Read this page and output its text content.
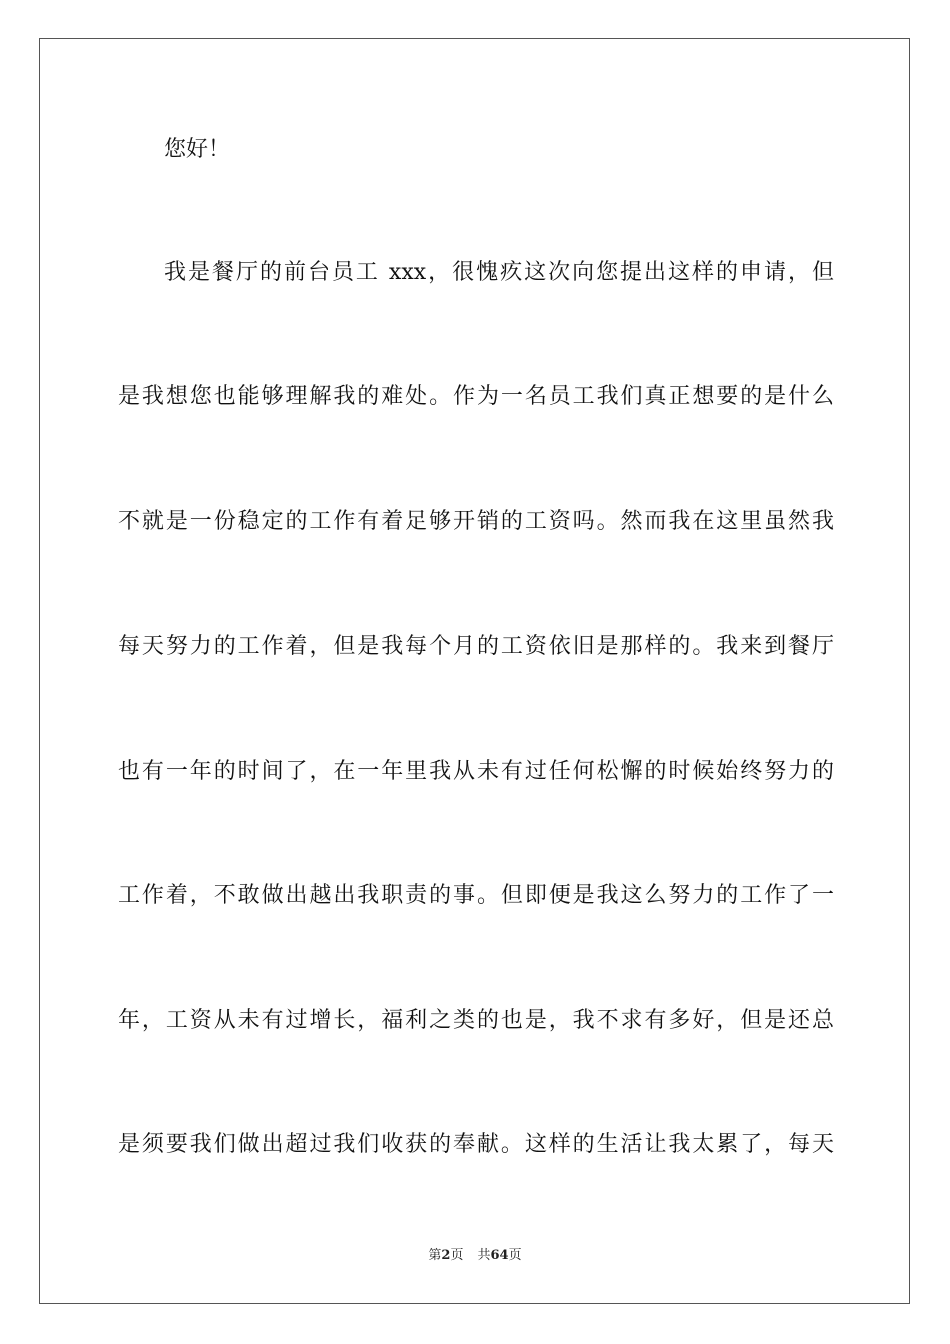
您好！
我是餐厅的前台员工 xxx，很愧疚这次向您提出这样的申请，但
是我想您也能够理解我的难处。作为一名员工我们真正想要的是什么
不就是一份稳定的工作有着足够开销的工资吗。然而我在这里虽然我
每天努力的工作着，但是我每个月的工资依旧是那样的。我来到餐厅
也有一年的时间了，在一年里我从未有过任何松懈的时候始终努力的
工作着，不敢做出越出我职责的事。但即便是我这么努力的工作了一
年，工资从未有过增长，福利之类的也是，我不求有多好，但是还总
是须要我们做出超过我们收获的奉献。这样的生活让我太累了，每天
第2页 共64页
